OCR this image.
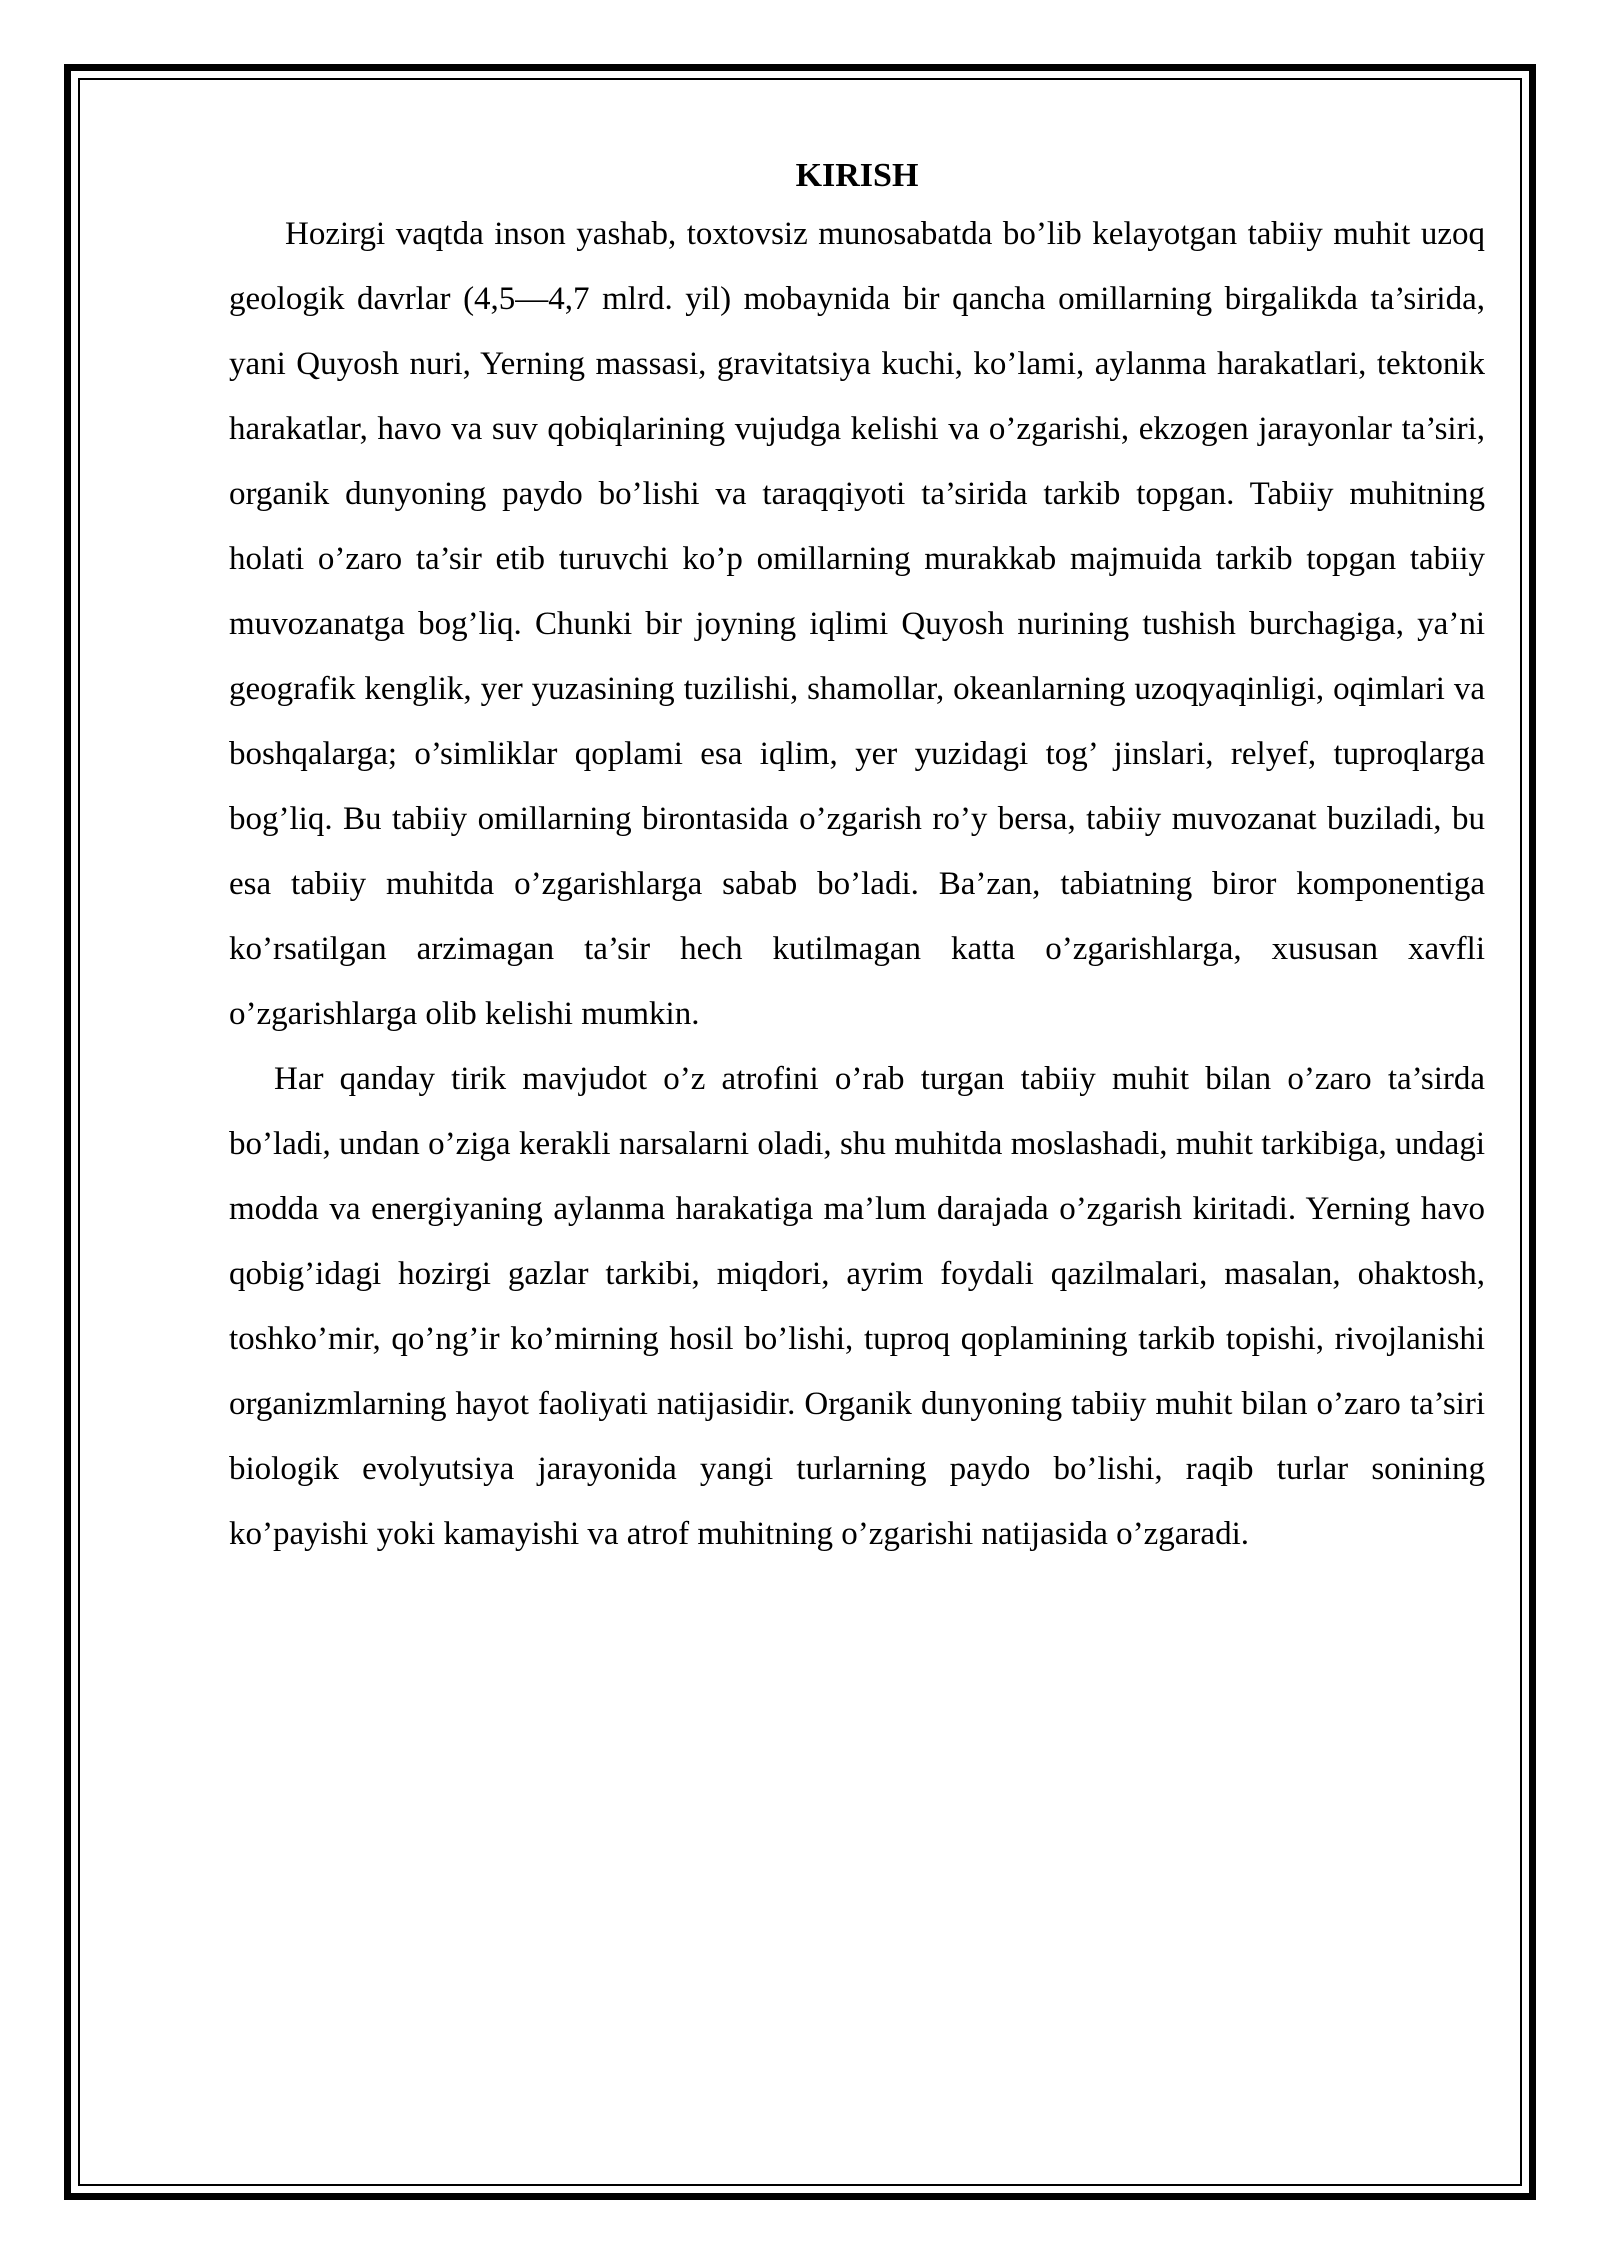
KIRISH

Hozirgi vaqtda inson yashab, toxtovsiz munosabatda bo’lib kelayotgan tabiiy muhit uzoq geologik davrlar (4,5—4,7 mlrd. yil) mobaynida bir qancha omillarning birgalikda ta’sirida, yani Quyosh nuri, Yerning massasi, gravitatsiya kuchi, ko’lami, aylanma harakatlari, tektonik harakatlar, havo va suv qobiqlarining vujudga kelishi va o’zgarishi, ekzogen jarayonlar ta’siri, organik dunyoning paydo bo’lishi va taraqqiyoti ta’sirida tarkib topgan. Tabiiy muhitning holati o’zaro ta’sir etib turuvchi ko’p omillarning murakkab majmuida tarkib topgan tabiiy muvozanatga bog’liq. Chunki bir joyning iqlimi Quyosh nurining tushish burchagiga, ya’ni geografik kenglik, yer yuzasining tuzilishi, shamollar, okeanlarning uzoqyaqinligi, oqimlari va boshqalarga; o’simliklar qoplami esa iqlim, yer yuzidagi tog’ jinslari, relyef, tuproqlarga bog’liq. Bu tabiiy omillarning birontasida o’zgarish ro’y bersa, tabiiy muvozanat buziladi, bu esa tabiiy muhitda o’zgarishlarga sabab bo’ladi. Ba’zan, tabiatning biror komponentiga ko’rsatilgan arzimagan ta’sir hech kutilmagan katta o’zgarishlarga, xususan xavfli o’zgarishlarga olib kelishi mumkin.

Har qanday tirik mavjudot o’z atrofini o’rab turgan tabiiy muhit bilan o’zaro ta’sirda bo’ladi, undan o’ziga kerakli narsalarni oladi, shu muhitda moslashadi, muhit tarkibiga, undagi modda va energiyaning aylanma harakatiga ma’lum darajada o’zgarish kiritadi. Yerning havo qobig’idagi hozirgi gazlar tarkibi, miqdori, ayrim foydali qazilmalari, masalan, ohaktosh, toshko’mir, qo’ng’ir ko’mirning hosil bo’lishi, tuproq qoplamining tarkib topishi, rivojlanishi organizmlarning hayot faoliyati natijasidir. Organik dunyoning tabiiy muhit bilan o’zaro ta’siri biologik evolyutsiya jarayonida yangi turlarning paydo bo’lishi, raqib turlar sonining ko’payishi yoki kamayishi va atrof muhitning o’zgarishi natijasida o’zgaradi.
